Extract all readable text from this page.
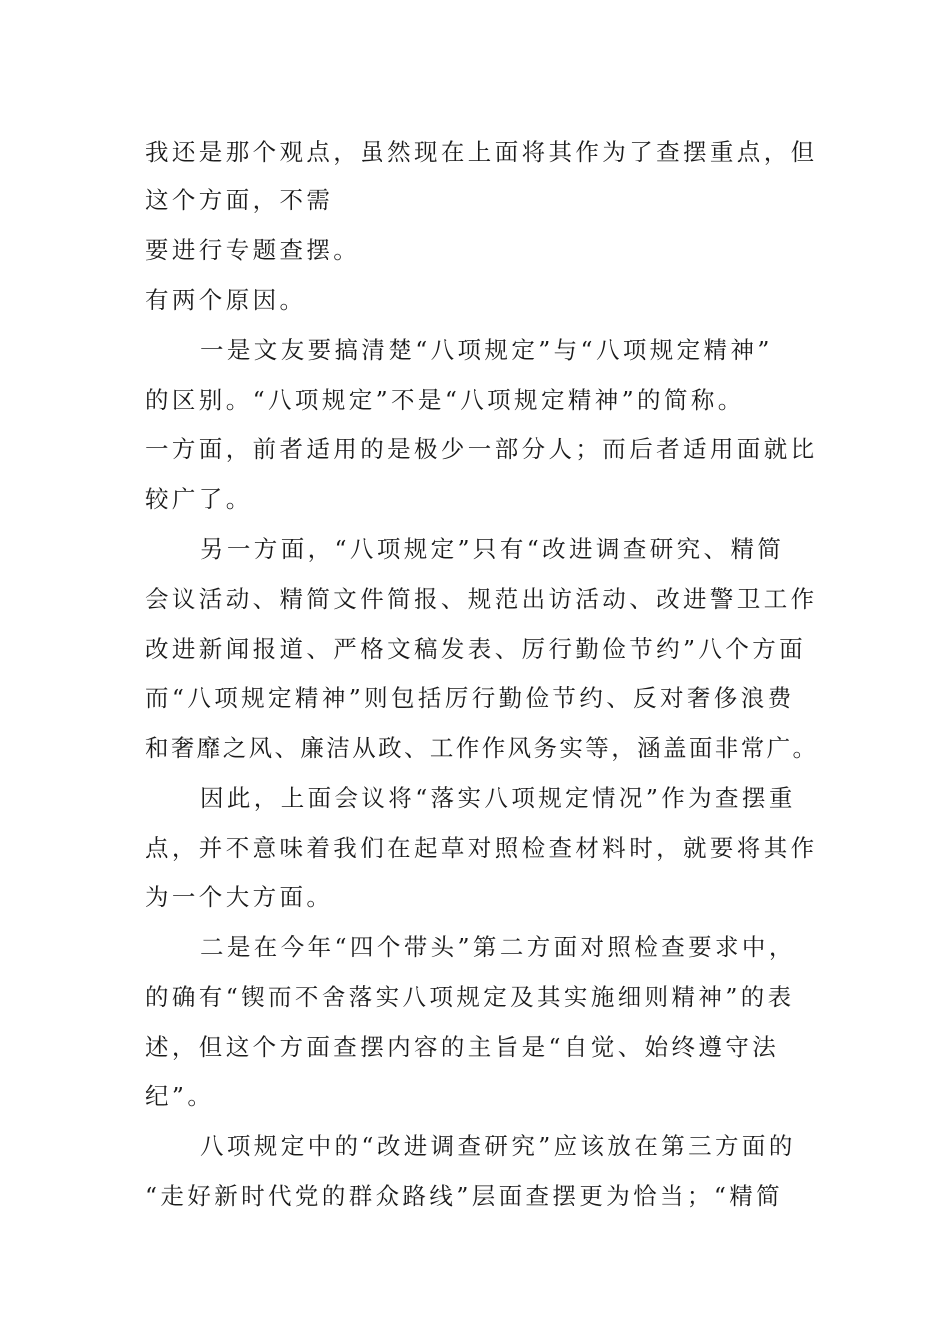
我还是那个观点，虽然现在上面将其作为了查摆重点，但
这个方面，不需
要进行专题查摆。
有两个原因。
一是文友要搞清楚“八项规定”与“八项规定精神”
的区别。“八项规定”不是“八项规定精神”的简称。
一方面，前者适用的是极少一部分人；而后者适用面就比
较广了。
另一方面，“八项规定”只有“改进调查研究、精简
会议活动、精简文件简报、规范出访活动、改进警卫工作
改进新闻报道、严格文稿发表、厉行勤俭节约”八个方面
而“八项规定精神”则包括厉行勤俭节约、反对奢侈浪费
和奢靡之风、廉洁从政、工作作风务实等，涵盖面非常广。
因此，上面会议将“落实八项规定情况”作为查摆重
点，并不意味着我们在起草对照检查材料时，就要将其作
为一个大方面。
二是在今年“四个带头”第二方面对照检查要求中，
的确有“锲而不舍落实八项规定及其实施细则精神”的表
述，但这个方面查摆内容的主旨是“自觉、始终遵守法
纪”。
八项规定中的“改进调查研究”应该放在第三方面的
“走好新时代党的群众路线”层面查摆更为恰当；“精简
